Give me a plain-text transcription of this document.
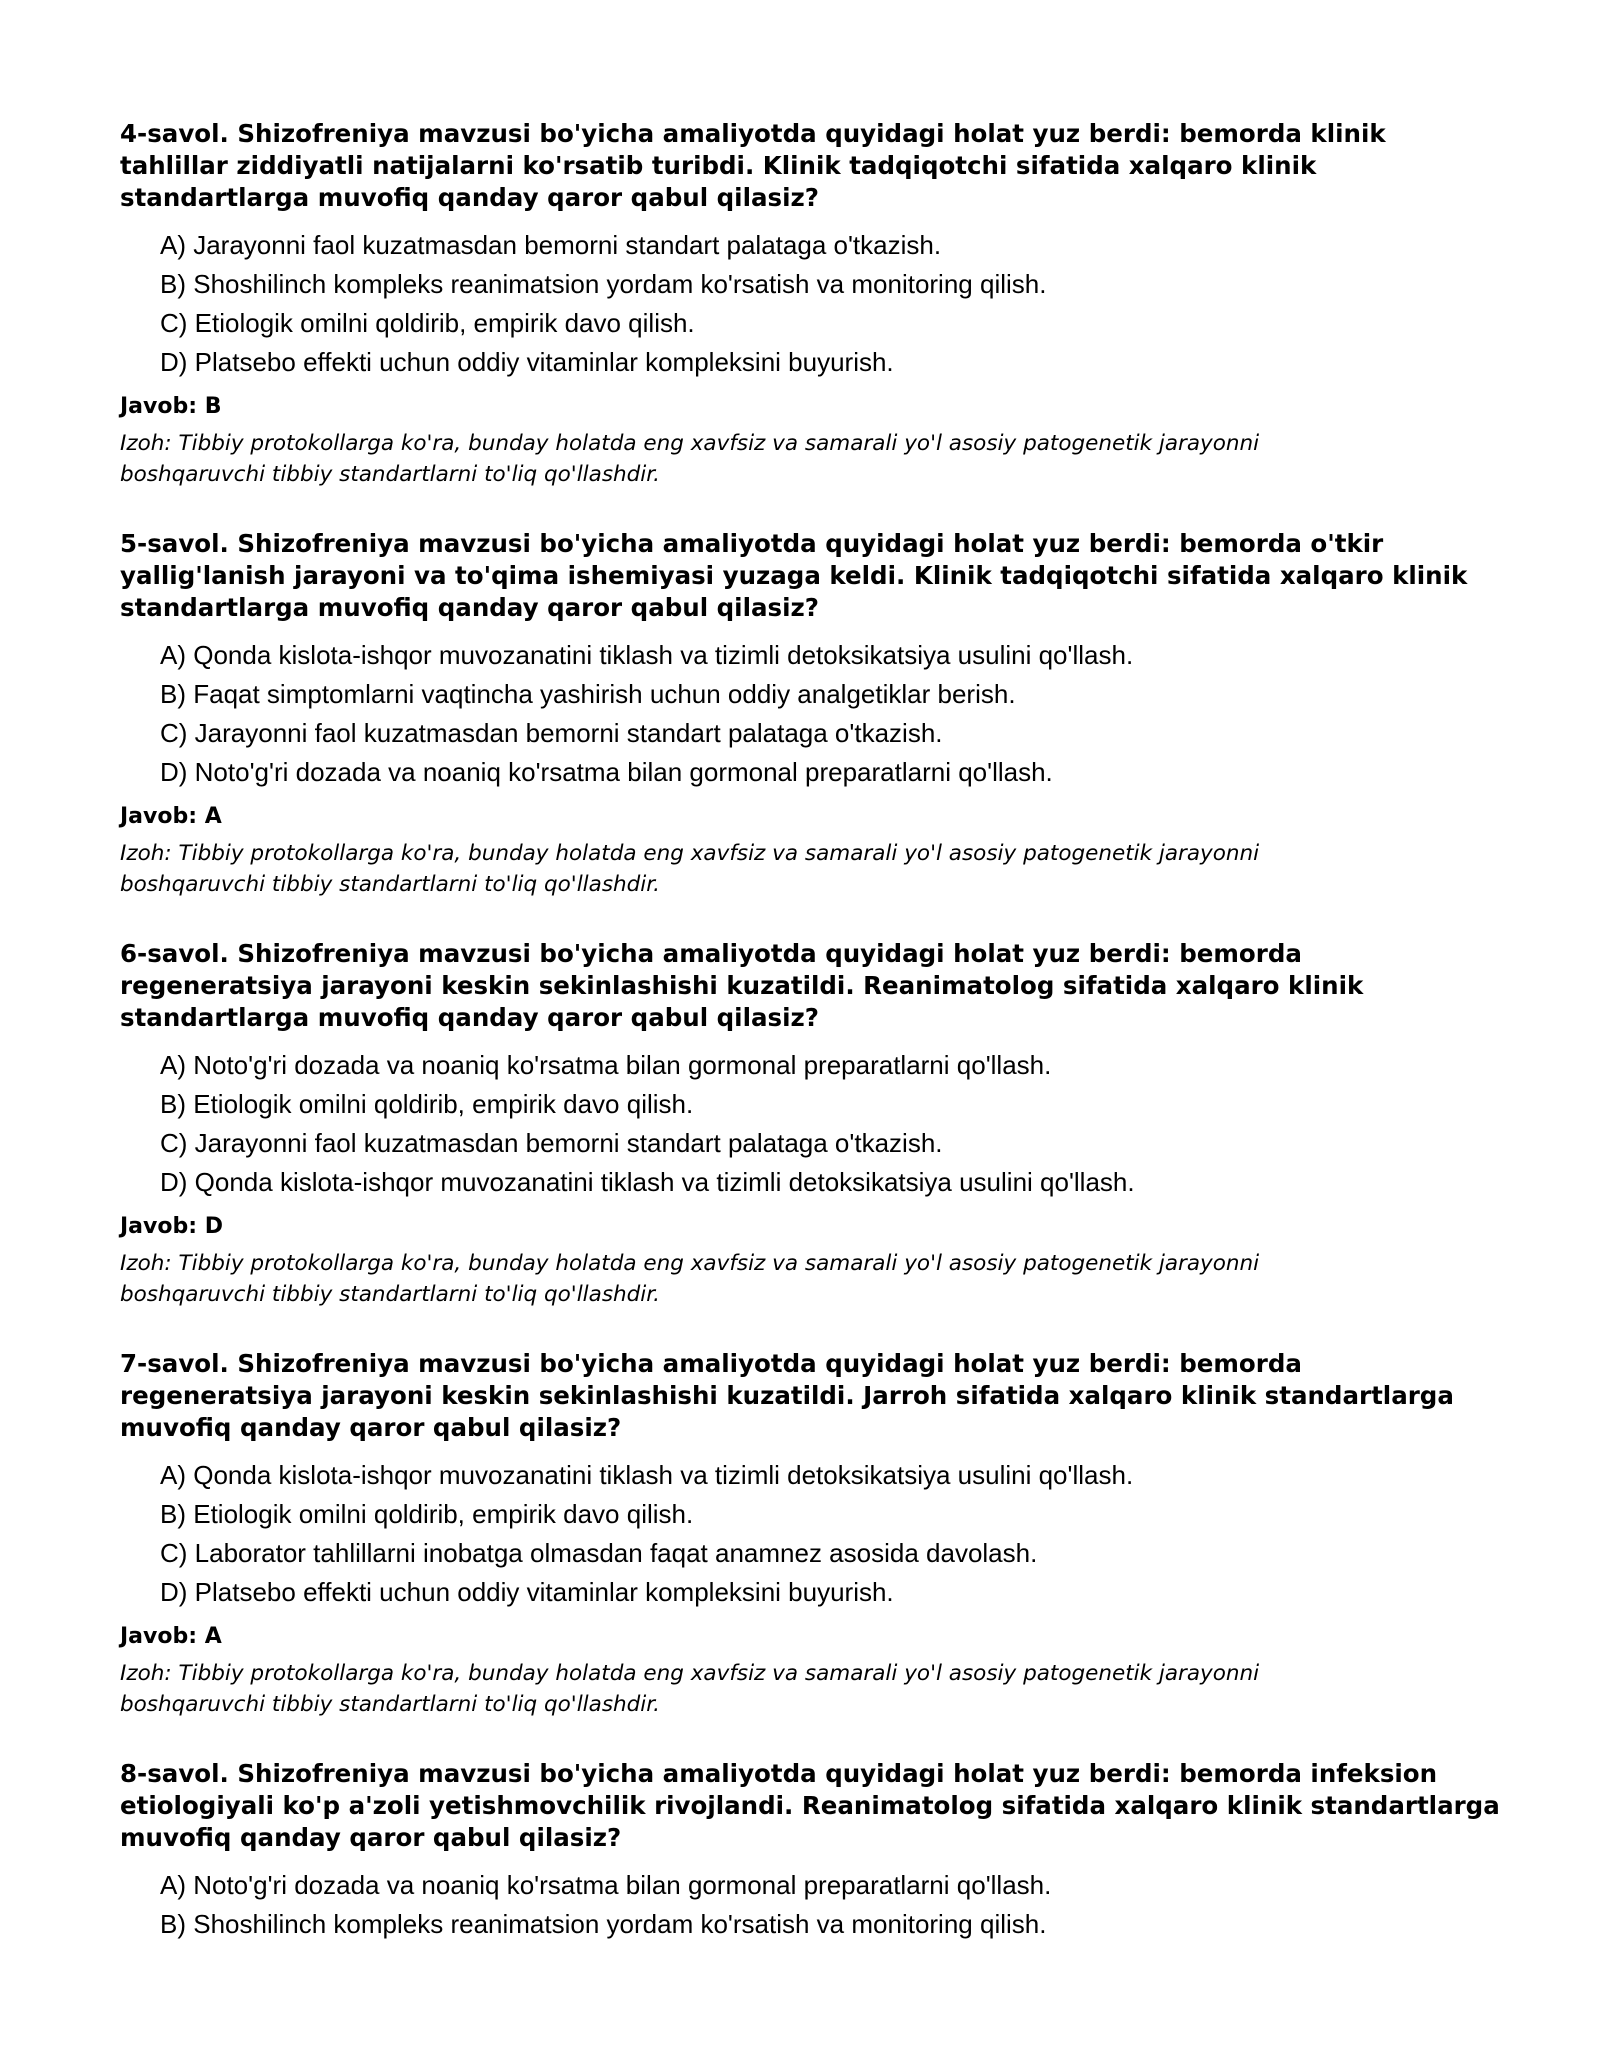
4-savol. Shizofreniya mavzusi bo'yicha amaliyotda quyidagi holat yuz berdi: bemorda klinik tahlillar ziddiyatli natijalarni ko'rsatib turibdi. Klinik tadqiqotchi sifatida xalqaro klinik standartlarga muvofiq qanday qaror qabul qilasiz?
A) Jarayonni faol kuzatmasdan bemorni standart palataga o'tkazish.
B) Shoshilinch kompleks reanimatsion yordam ko'rsatish va monitoring qilish.
C) Etiologik omilni qoldirib, empirik davo qilish.
D) Platsebo effekti uchun oddiy vitaminlar kompleksini buyurish.
Javob: B
Izoh: Tibbiy protokollarga ko'ra, bunday holatda eng xavfsiz va samarali yo'l asosiy patogenetik jarayonni boshqaruvchi tibbiy standartlarni to'liq qo'llashdir.
5-savol. Shizofreniya mavzusi bo'yicha amaliyotda quyidagi holat yuz berdi: bemorda o'tkir yallig'lanish jarayoni va to'qima ishemiyasi yuzaga keldi. Klinik tadqiqotchi sifatida xalqaro klinik standartlarga muvofiq qanday qaror qabul qilasiz?
A) Qonda kislota-ishqor muvozanatini tiklash va tizimli detoksikatsiya usulini qo'llash.
B) Faqat simptomlarni vaqtincha yashirish uchun oddiy analgetiklar berish.
C) Jarayonni faol kuzatmasdan bemorni standart palataga o'tkazish.
D) Noto'g'ri dozada va noaniq ko'rsatma bilan gormonal preparatlarni qo'llash.
Javob: A
Izoh: Tibbiy protokollarga ko'ra, bunday holatda eng xavfsiz va samarali yo'l asosiy patogenetik jarayonni boshqaruvchi tibbiy standartlarni to'liq qo'llashdir.
6-savol. Shizofreniya mavzusi bo'yicha amaliyotda quyidagi holat yuz berdi: bemorda regeneratsiya jarayoni keskin sekinlashishi kuzatildi. Reanimatolog sifatida xalqaro klinik standartlarga muvofiq qanday qaror qabul qilasiz?
A) Noto'g'ri dozada va noaniq ko'rsatma bilan gormonal preparatlarni qo'llash.
B) Etiologik omilni qoldirib, empirik davo qilish.
C) Jarayonni faol kuzatmasdan bemorni standart palataga o'tkazish.
D) Qonda kislota-ishqor muvozanatini tiklash va tizimli detoksikatsiya usulini qo'llash.
Javob: D
Izoh: Tibbiy protokollarga ko'ra, bunday holatda eng xavfsiz va samarali yo'l asosiy patogenetik jarayonni boshqaruvchi tibbiy standartlarni to'liq qo'llashdir.
7-savol. Shizofreniya mavzusi bo'yicha amaliyotda quyidagi holat yuz berdi: bemorda regeneratsiya jarayoni keskin sekinlashishi kuzatildi. Jarroh sifatida xalqaro klinik standartlarga muvofiq qanday qaror qabul qilasiz?
A) Qonda kislota-ishqor muvozanatini tiklash va tizimli detoksikatsiya usulini qo'llash.
B) Etiologik omilni qoldirib, empirik davo qilish.
C) Laborator tahlillarni inobatga olmasdan faqat anamnez asosida davolash.
D) Platsebo effekti uchun oddiy vitaminlar kompleksini buyurish.
Javob: A
Izoh: Tibbiy protokollarga ko'ra, bunday holatda eng xavfsiz va samarali yo'l asosiy patogenetik jarayonni boshqaruvchi tibbiy standartlarni to'liq qo'llashdir.
8-savol. Shizofreniya mavzusi bo'yicha amaliyotda quyidagi holat yuz berdi: bemorda infeksion etiologiyali ko'p a'zoli yetishmovchilik rivojlandi. Reanimatolog sifatida xalqaro klinik standartlarga muvofiq qanday qaror qabul qilasiz?
A) Noto'g'ri dozada va noaniq ko'rsatma bilan gormonal preparatlarni qo'llash.
B) Shoshilinch kompleks reanimatsion yordam ko'rsatish va monitoring qilish.
